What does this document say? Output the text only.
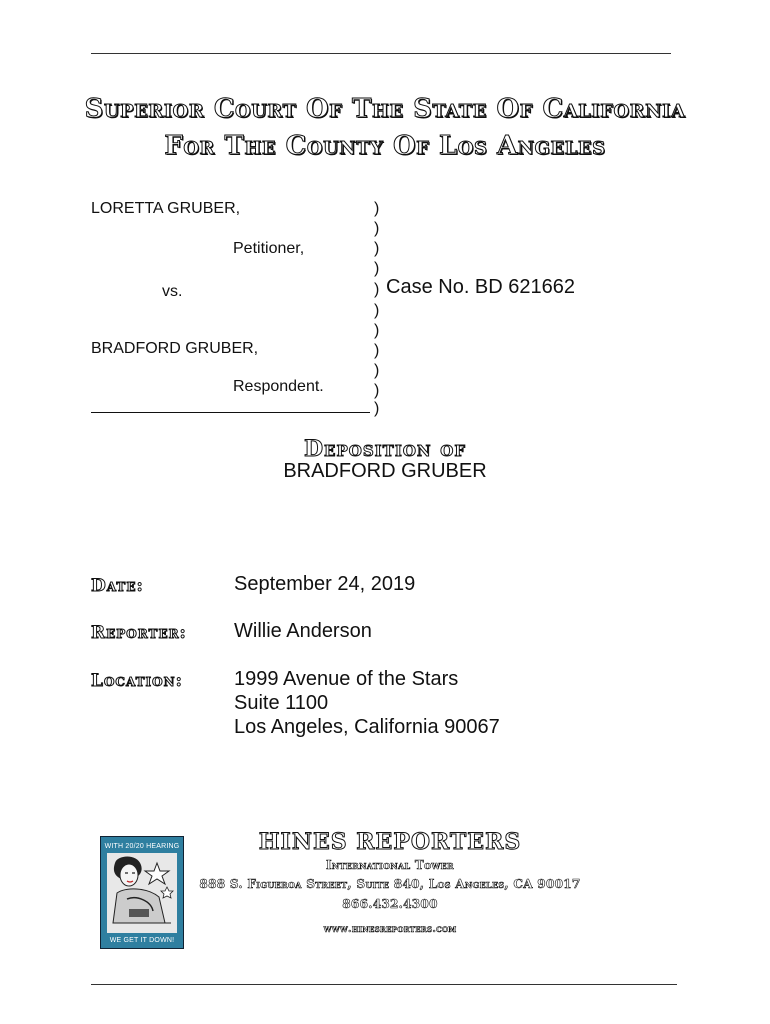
Superior Court Of The State Of California
For The County Of Los Angeles
LORETTA GRUBER,
Petitioner,
vs.
BRADFORD GRUBER,
Respondent.
)
)
)
)
)
)
)
)
)
)
)
Case No. BD 621662
Deposition of
BRADFORD GRUBER
Date:	September 24, 2019
Reporter: Willie Anderson
Location:	1999 Avenue of the Stars
Suite 1100
Los Angeles, California 90067
WITH 20/20 HEARING
WE GET IT DOWN!
HINES REPORTERS
International Tower
888 S. Figueroa Street, Suite 840, Los Angeles, CA 90017
866.432.4300
www.hinesreporters.com
